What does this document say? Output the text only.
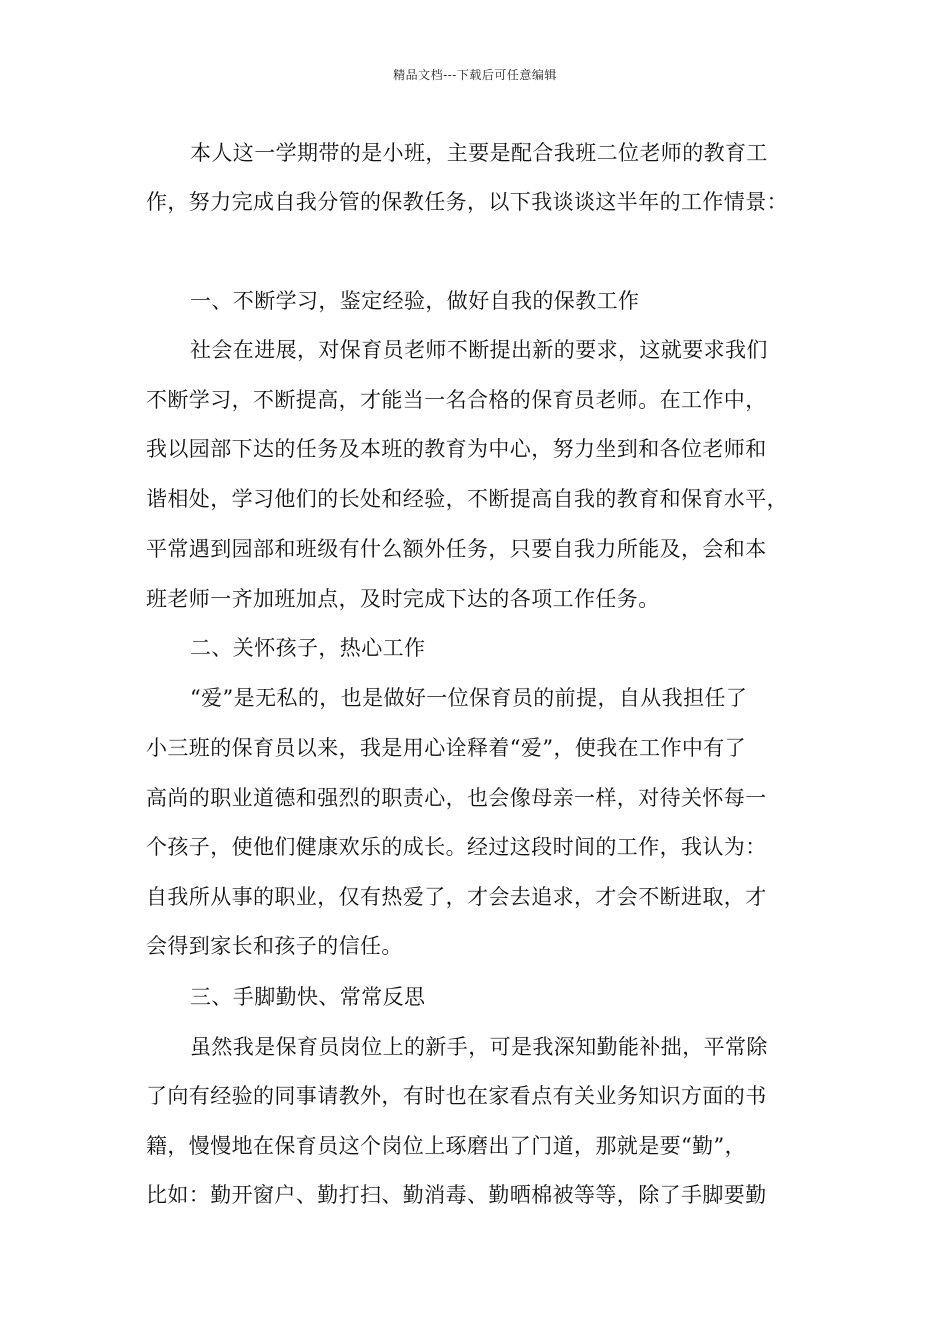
精品文档---下载后可任意编辑
本人这一学期带的是小班，主要是配合我班二位老师的教育工
作，努力完成自我分管的保教任务，以下我谈谈这半年的工作情景：
一、不断学习，鉴定经验，做好自我的保教工作
社会在进展，对保育员老师不断提出新的要求，这就要求我们
不断学习，不断提高，才能当一名合格的保育员老师。在工作中，
我以园部下达的任务及本班的教育为中心，努力坐到和各位老师和
谐相处，学习他们的长处和经验，不断提高自我的教育和保育水平，
平常遇到园部和班级有什么额外任务，只要自我力所能及，会和本
班老师一齐加班加点，及时完成下达的各项工作任务。
二、关怀孩子，热心工作
“爱”是无私的，也是做好一位保育员的前提，自从我担任了
小三班的保育员以来，我是用心诠释着“爱”，使我在工作中有了
高尚的职业道德和强烈的职责心，也会像母亲一样，对待关怀每一
个孩子，使他们健康欢乐的成长。经过这段时间的工作，我认为：
自我所从事的职业，仅有热爱了，才会去追求，才会不断进取，才
会得到家长和孩子的信任。
三、手脚勤快、常常反思
虽然我是保育员岗位上的新手，可是我深知勤能补拙，平常除
了向有经验的同事请教外，有时也在家看点有关业务知识方面的书
籍，慢慢地在保育员这个岗位上琢磨出了门道，那就是要“勤”，
比如：勤开窗户、勤打扫、勤消毒、勤晒棉被等等，除了手脚要勤
